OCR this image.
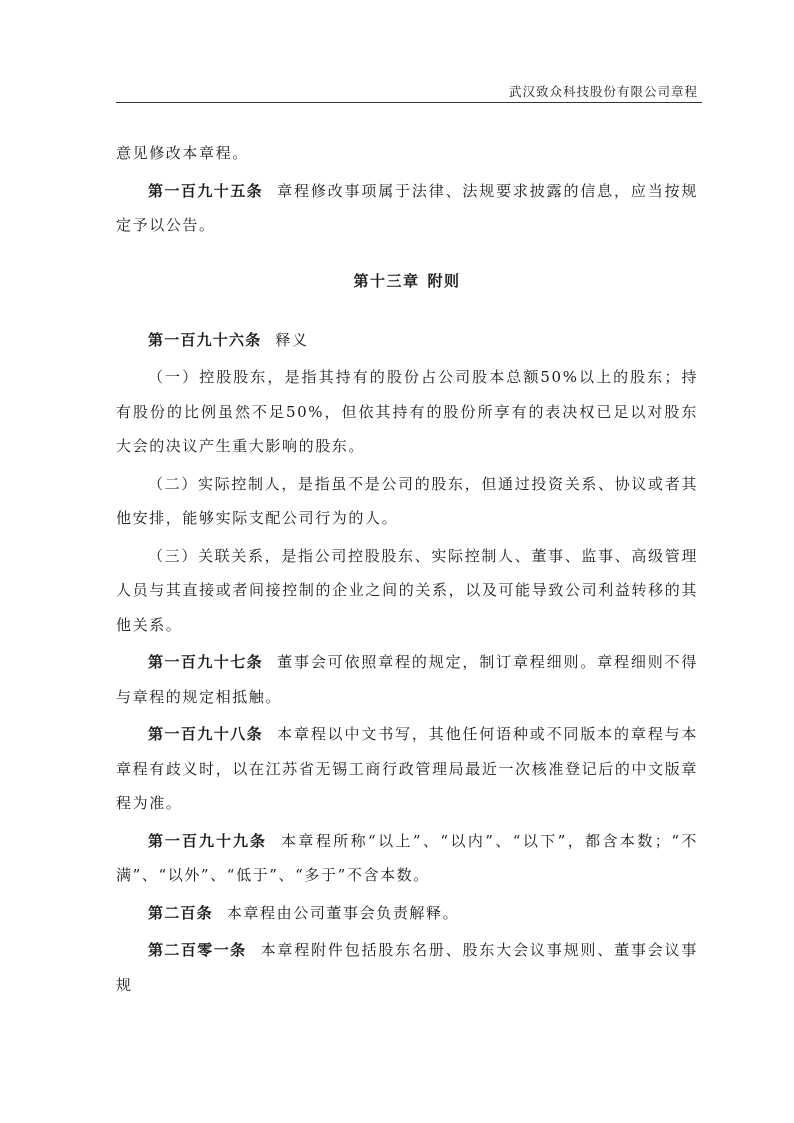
武汉致众科技股份有限公司章程

意见修改本章程。

第一百九十五条 章程修改事项属于法律、法规要求披露的信息，应当按规定予以公告。

第十三章 附则

第一百九十六条 释义

（一）控股股东，是指其持有的股份占公司股本总额50%以上的股东；持有股份的比例虽然不足50%，但依其持有的股份所享有的表决权已足以对股东大会的决议产生重大影响的股东。

（二）实际控制人，是指虽不是公司的股东，但通过投资关系、协议或者其他安排，能够实际支配公司行为的人。

（三）关联关系，是指公司控股股东、实际控制人、董事、监事、高级管理人员与其直接或者间接控制的企业之间的关系，以及可能导致公司利益转移的其他关系。

第一百九十七条 董事会可依照章程的规定，制订章程细则。章程细则不得与章程的规定相抵触。

第一百九十八条 本章程以中文书写，其他任何语种或不同版本的章程与本章程有歧义时，以在江苏省无锡工商行政管理局最近一次核准登记后的中文版章程为准。

第一百九十九条 本章程所称“以上”、“以内”、“以下”，都含本数；“不满”、“以外”、“低于”、“多于”不含本数。

第二百条 本章程由公司董事会负责解释。

第二百零一条 本章程附件包括股东名册、股东大会议事规则、董事会议事规
